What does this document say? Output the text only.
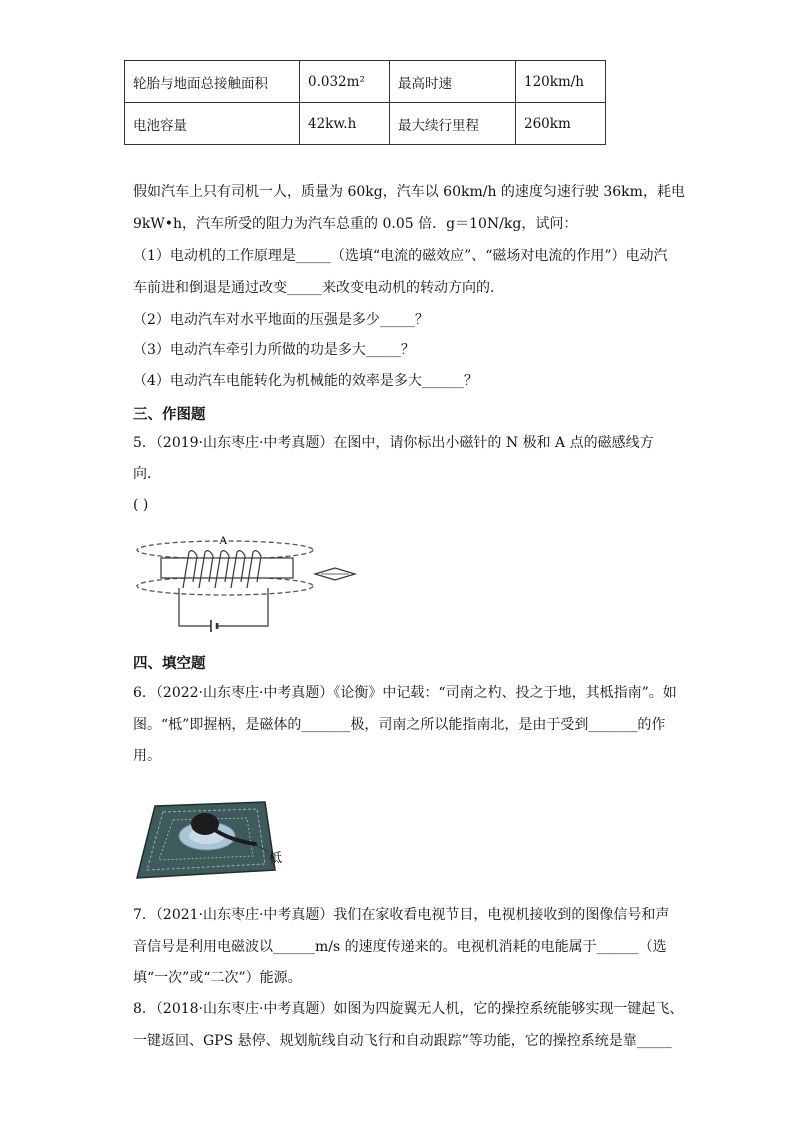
轮胎与地面总接触面积	0.032m²	最高时速	120km/h
电池容量	42kw.h	最大续行里程	260km
假如汽车上只有司机一人，质量为 60kg，汽车以 60km/h 的速度匀速行驶 36km，耗电
9kW•h，汽车所受的阻力为汽车总重的 0.05 倍．g＝10N/kg，试问：
（1）电动机的工作原理是_____（选填“电流的磁效应”、“磁场对电流的作用”）电动汽
车前进和倒退是通过改变_____来改变电动机的转动方向的．
（2）电动汽车对水平地面的压强是多少_____？
（3）电动汽车牵引力所做的功是多大_____？
（4）电动汽车电能转化为机械能的效率是多大______？
三、作图题
5．（2019·山东枣庄·中考真题）在图中，请你标出小磁针的 N 极和 A 点的磁感线方
向．
( )
A
四、填空题
6．（2022·山东枣庄·中考真题）《论衡》中记载：“司南之杓、投之于地，其柢指南”。如
图。“柢”即握柄，是磁体的_______极，司南之所以能指南北，是由于受到_______的作
用。
柢
7．（2021·山东枣庄·中考真题）我们在家收看电视节目，电视机接收到的图像信号和声
音信号是利用电磁波以______m/s 的速度传递来的。电视机消耗的电能属于______（选
填“一次”或“二次”）能源。
8．（2018·山东枣庄·中考真题）如图为四旋翼无人机，它的操控系统能够实现一键起飞、
一键返回、GPS 悬停、规划航线自动飞行和自动跟踪”等功能，它的操控系统是靠_____
